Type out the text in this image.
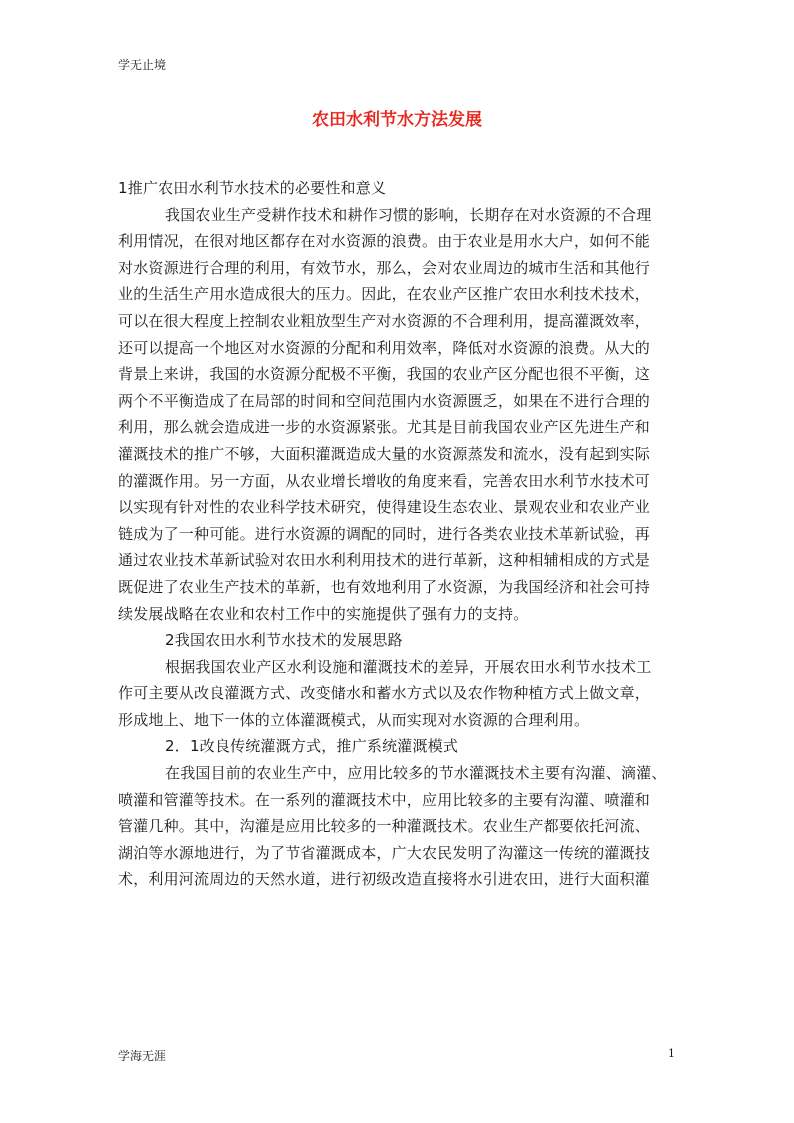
学无止境
农田水利节水方法发展
1推广农田水利节水技术的必要性和意义
我国农业生产受耕作技术和耕作习惯的影响，长期存在对水资源的不合理
利用情况，在很对地区都存在对水资源的浪费。由于农业是用水大户，如何不能
对水资源进行合理的利用，有效节水，那么，会对农业周边的城市生活和其他行
业的生活生产用水造成很大的压力。因此，在农业产区推广农田水利技术技术，
可以在很大程度上控制农业粗放型生产对水资源的不合理利用，提高灌溉效率，
还可以提高一个地区对水资源的分配和利用效率，降低对水资源的浪费。从大的
背景上来讲，我国的水资源分配极不平衡，我国的农业产区分配也很不平衡，这
两个不平衡造成了在局部的时间和空间范围内水资源匮乏，如果在不进行合理的
利用，那么就会造成进一步的水资源紧张。尤其是目前我国农业产区先进生产和
灌溉技术的推广不够，大面积灌溉造成大量的水资源蒸发和流水，没有起到实际
的灌溉作用。另一方面，从农业增长增收的角度来看，完善农田水利节水技术可
以实现有针对性的农业科学技术研究，使得建设生态农业、景观农业和农业产业
链成为了一种可能。进行水资源的调配的同时，进行各类农业技术革新试验，再
通过农业技术革新试验对农田水利利用技术的进行革新，这种相辅相成的方式是
既促进了农业生产技术的革新，也有效地利用了水资源，为我国经济和社会可持
续发展战略在农业和农村工作中的实施提供了强有力的支持。
2我国农田水利节水技术的发展思路
根据我国农业产区水利设施和灌溉技术的差异，开展农田水利节水技术工
作可主要从改良灌溉方式、改变储水和蓄水方式以及农作物种植方式上做文章，
形成地上、地下一体的立体灌溉模式，从而实现对水资源的合理利用。
2．1改良传统灌溉方式，推广系统灌溉模式
在我国目前的农业生产中，应用比较多的节水灌溉技术主要有沟灌、滴灌、
喷灌和管灌等技术。在一系列的灌溉技术中，应用比较多的主要有沟灌、喷灌和
管灌几种。其中，沟灌是应用比较多的一种灌溉技术。农业生产都要依托河流、
湖泊等水源地进行，为了节省灌溉成本，广大农民发明了沟灌这一传统的灌溉技
术，利用河流周边的天然水道，进行初级改造直接将水引进农田，进行大面积灌
学海无涯	1
